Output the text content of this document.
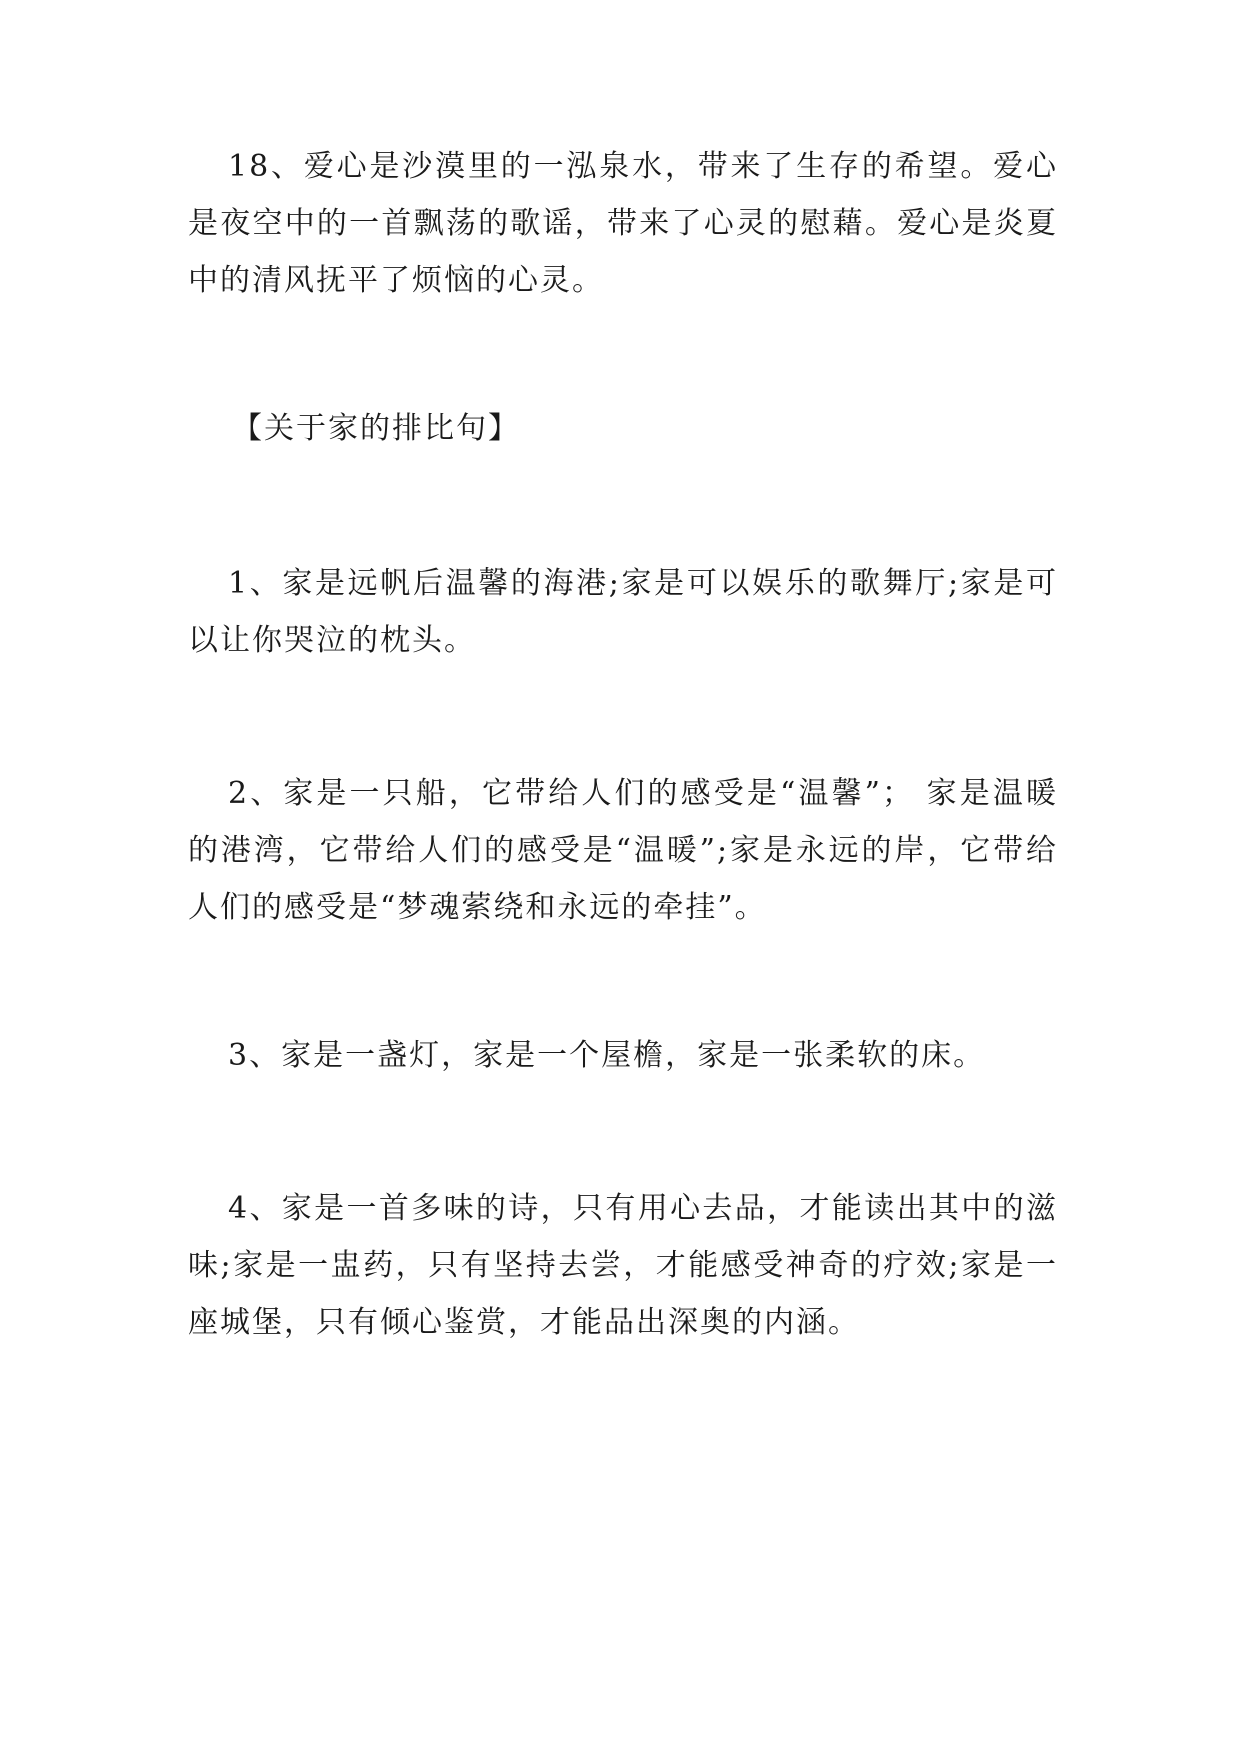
18、爱心是沙漠里的一泓泉水，带来了生存的希望。爱心是夜空中的一首飘荡的歌谣，带来了心灵的慰藉。爱心是炎夏中的清风抚平了烦恼的心灵。

【关于家的排比句】

1、家是远帆后温馨的海港;家是可以娱乐的歌舞厅;家是可以让你哭泣的枕头。

2、家是一只船，它带给人们的感受是“温馨”； 家是温暖的港湾，它带给人们的感受是“温暖”;家是永远的岸，它带给人们的感受是“梦魂萦绕和永远的牵挂”。

3、家是一盏灯，家是一个屋檐，家是一张柔软的床。

4、家是一首多味的诗，只有用心去品，才能读出其中的滋味;家是一盅药，只有坚持去尝，才能感受神奇的疗效;家是一座城堡，只有倾心鉴赏，才能品出深奥的内涵。
